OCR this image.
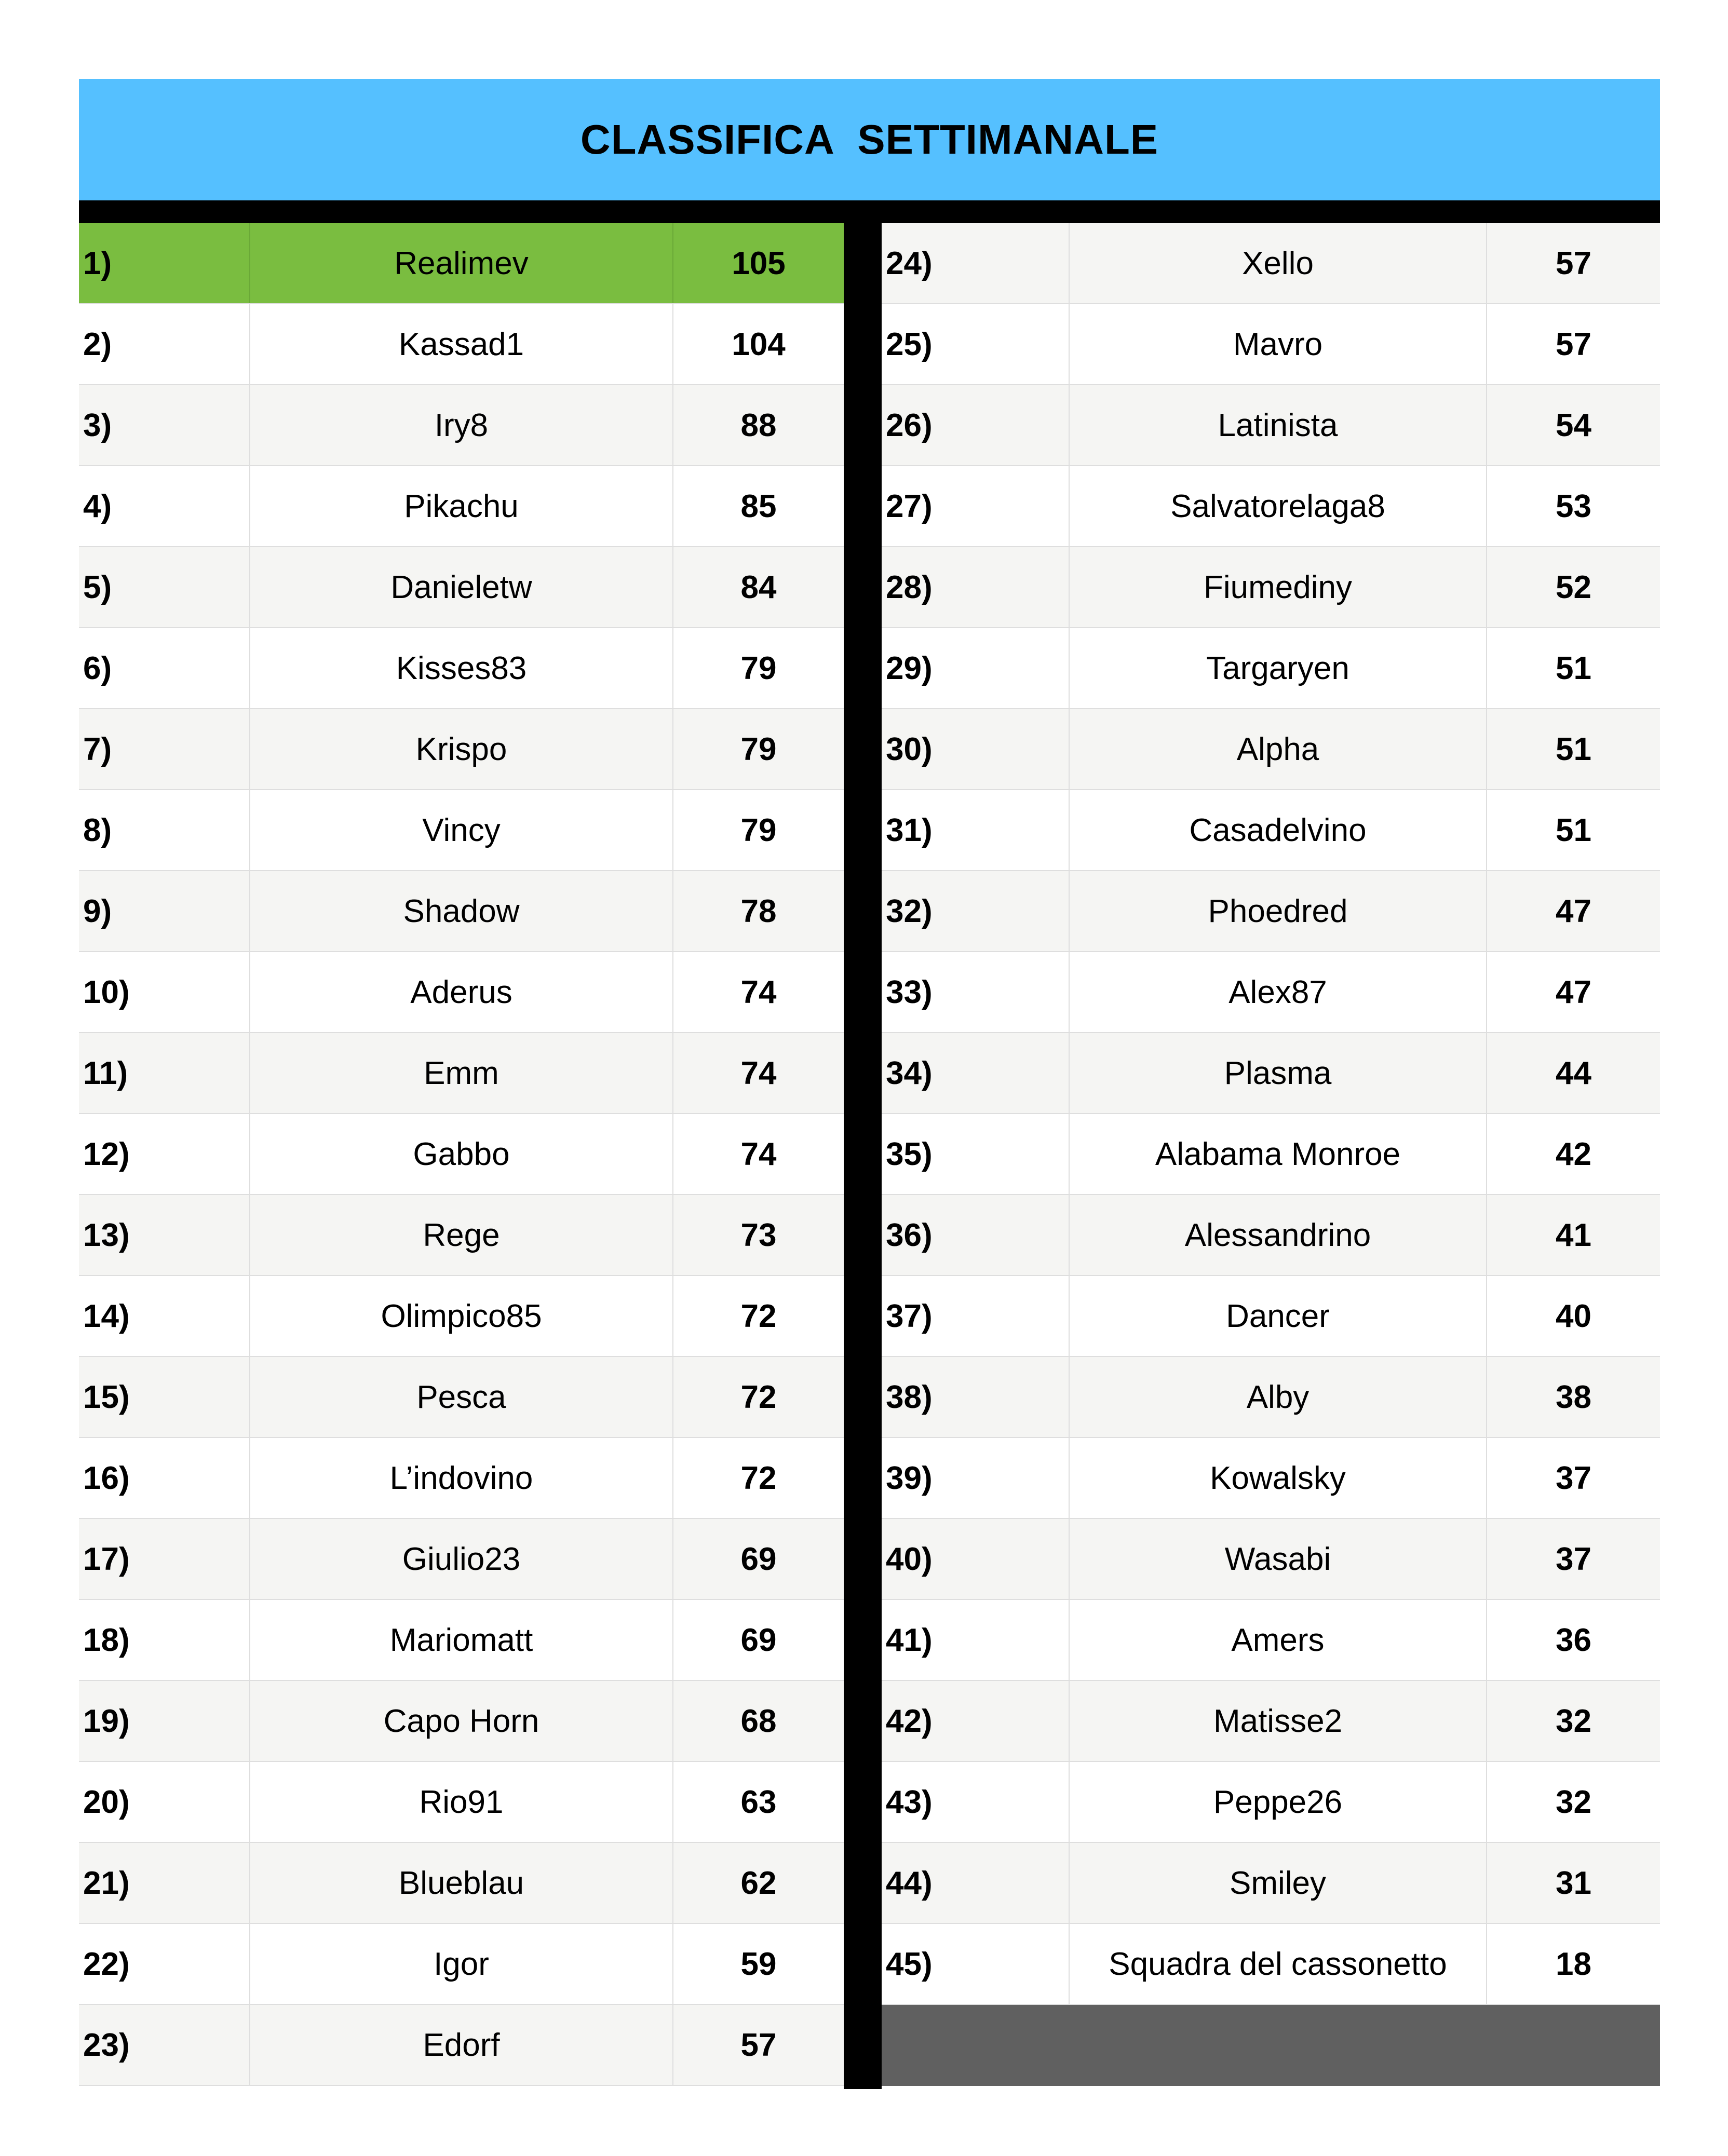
CLASSIFICA  SETTIMANALE
1)	Realimev	105
2)	Kassad1	104
3)	Iry8	88
4)	Pikachu	85
5)	Danieletw	84
6)	Kisses83	79
7)	Krispo	79
8)	Vincy	79
9)	Shadow	78
10)	Aderus	74
11)	Emm	74
12)	Gabbo	74
13)	Rege	73
14)	Olimpico85	72
15)	Pesca	72
16)	L’indovino	72
17)	Giulio23	69
18)	Mariomatt	69
19)	Capo Horn	68
20)	Rio91	63
21)	Blueblau	62
22)	Igor	59
23)	Edorf	57
24)	Xello	57
25)	Mavro	57
26)	Latinista	54
27)	Salvatorelaga8	53
28)	Fiumediny	52
29)	Targaryen	51
30)	Alpha	51
31)	Casadelvino	51
32)	Phoedred	47
33)	Alex87	47
34)	Plasma	44
35)	Alabama Monroe	42
36)	Alessandrino	41
37)	Dancer	40
38)	Alby	38
39)	Kowalsky	37
40)	Wasabi	37
41)	Amers	36
42)	Matisse2	32
43)	Peppe26	32
44)	Smiley	31
45)	Squadra del cassonetto	18
